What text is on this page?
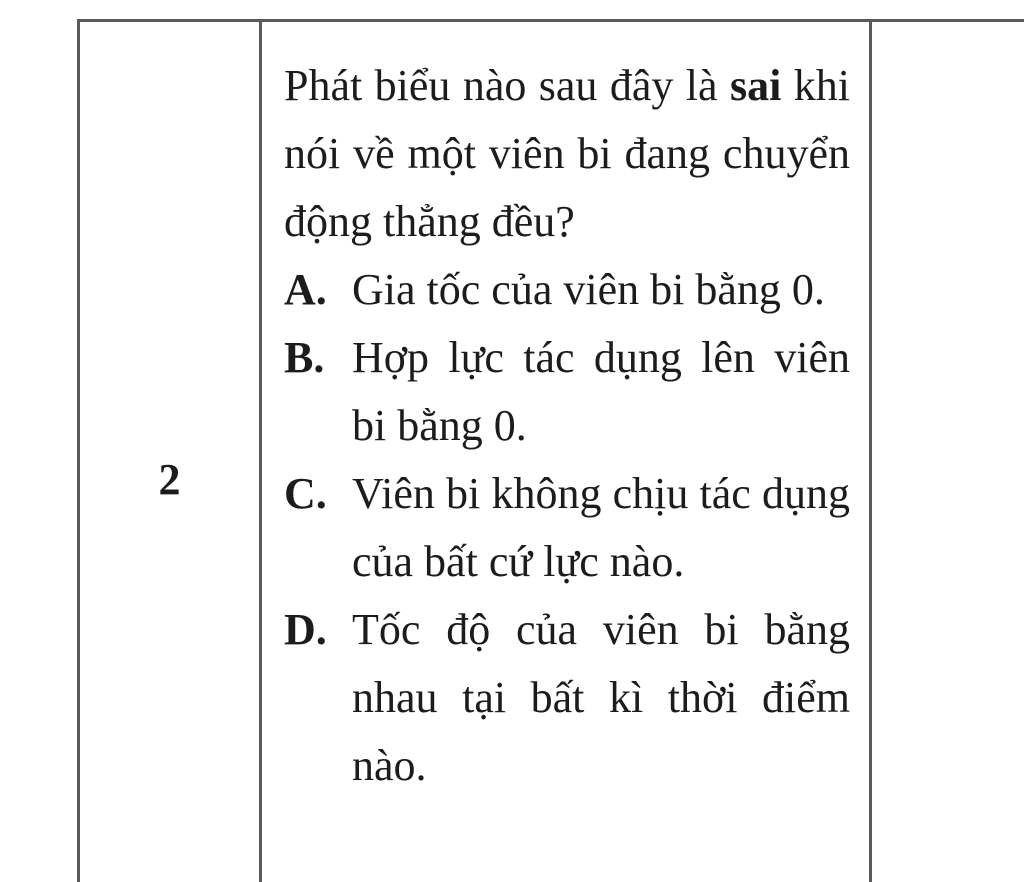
2
Phát biểu nào sau đây là sai khi nói về một viên bi đang chuyển động thẳng đều?
A. Gia tốc của viên bi bằng 0.
B. Hợp lực tác dụng lên viên bi bằng 0.
C. Viên bi không chịu tác dụng của bất cứ lực nào.
D. Tốc độ của viên bi bằng nhau tại bất kì thời điểm nào.
